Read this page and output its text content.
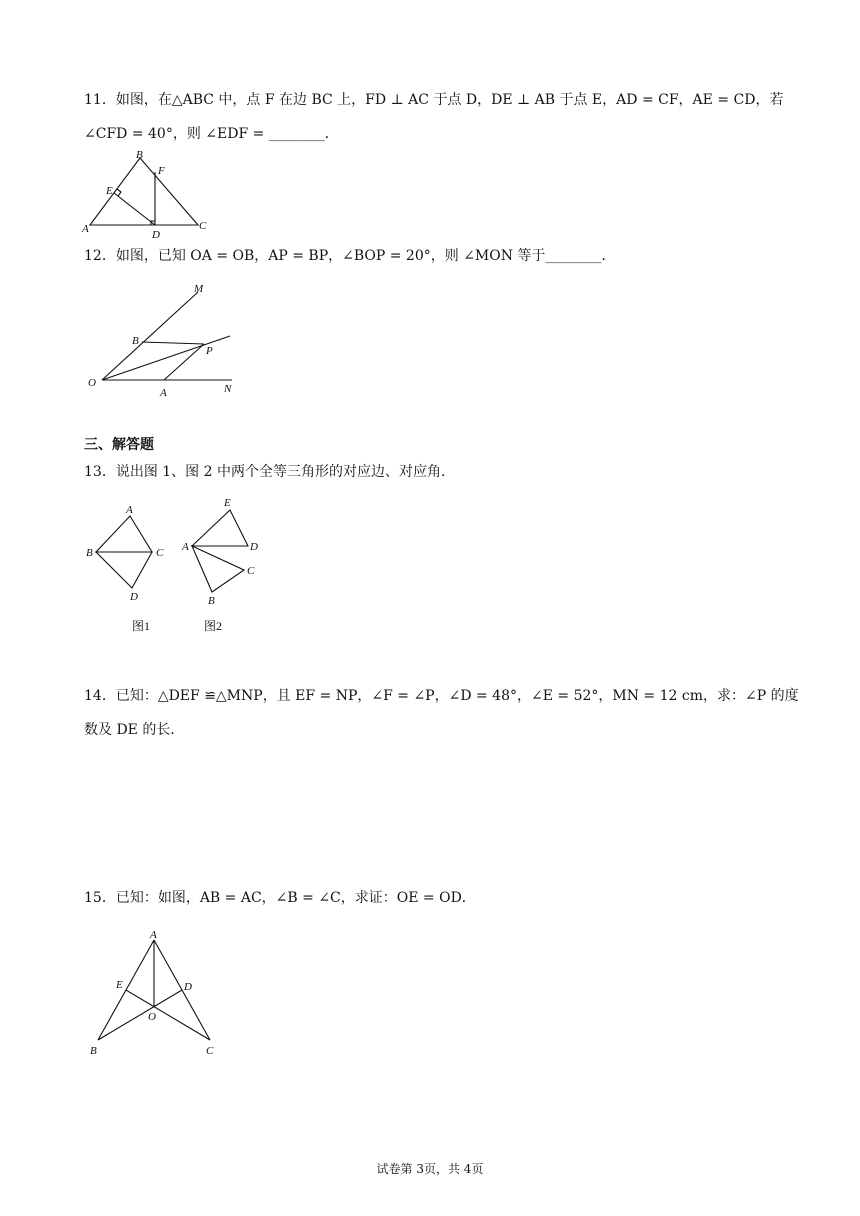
11．如图，在△ABC 中，点 F 在边 BC 上，FD ⊥ AC 于点 D，DE ⊥ AB 于点 E，AD = CF，AE = CD，若
∠CFD = 40°，则 ∠EDF = ________．
B
F
E
A	D
C
12．如图，已知 OA = OB，AP = BP，∠BOP = 20°，则 ∠MON 等于________．
M
B
P
O
A	N
三、解答题
13．说出图 1、图 2 中两个全等三角形的对应边、对应角．
A
B	C
D
图1
E
A	D
C
B
图2
14．已知：△DEF ≌△MNP，且 EF = NP，∠F = ∠P，∠D = 48°，∠E = 52°，MN = 12 cm，求：∠P 的度
数及 DE 的长．
15．已知：如图，AB = AC，∠B = ∠C，求证：OE = OD．
A
E	D
O
B	C
试卷第 3页，共 4页
